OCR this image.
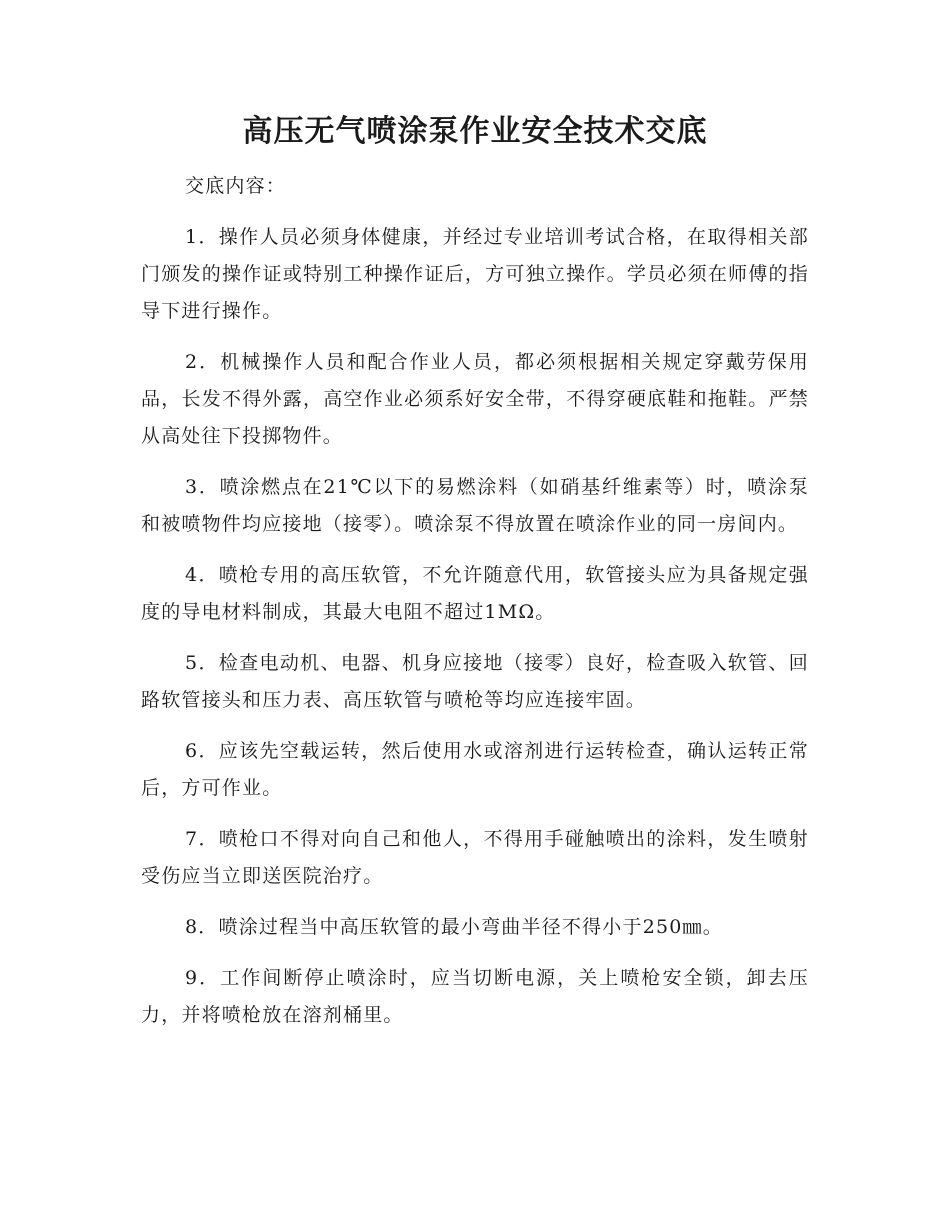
高压无气喷涂泵作业安全技术交底

交底内容：

1．操作人员必须身体健康，并经过专业培训考试合格，在取得相关部门颁发的操作证或特别工种操作证后，方可独立操作。学员必须在师傅的指导下进行操作。

2．机械操作人员和配合作业人员，都必须根据相关规定穿戴劳保用品，长发不得外露，高空作业必须系好安全带，不得穿硬底鞋和拖鞋。严禁从高处往下投掷物件。

3．喷涂燃点在21℃以下的易燃涂料（如硝基纤维素等）时，喷涂泵和被喷物件均应接地（接零）。喷涂泵不得放置在喷涂作业的同一房间内。

4．喷枪专用的高压软管，不允许随意代用，软管接头应为具备规定强度的导电材料制成，其最大电阻不超过1MΩ。

5．检查电动机、电器、机身应接地（接零）良好，检查吸入软管、回路软管接头和压力表、高压软管与喷枪等均应连接牢固。

6．应该先空载运转，然后使用水或溶剂进行运转检查，确认运转正常后，方可作业。

7．喷枪口不得对向自己和他人，不得用手碰触喷出的涂料，发生喷射受伤应当立即送医院治疗。

8．喷涂过程当中高压软管的最小弯曲半径不得小于250㎜。

9．工作间断停止喷涂时，应当切断电源，关上喷枪安全锁，卸去压力，并将喷枪放在溶剂桶里。
